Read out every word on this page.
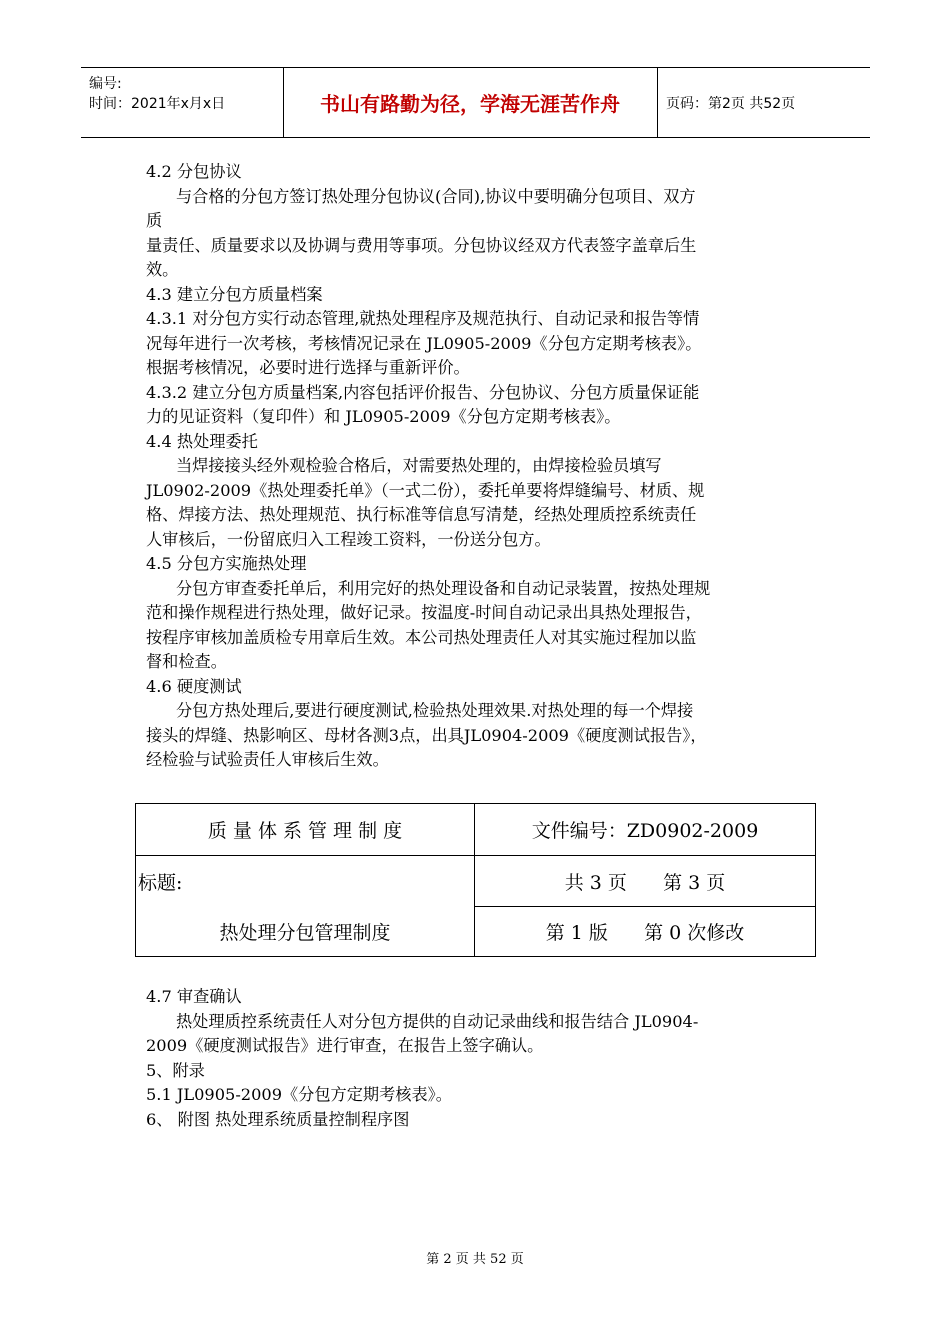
编号:
时间：2021年x月x日	书山有路勤为径，学海无涯苦作舟	页码：第2页 共52页

4.2 分包协议

与合格的分包方签订热处理分包协议(合同),协议中要明确分包项目、双方

质

量责任、质量要求以及协调与费用等事项。分包协议经双方代表签字盖章后生

效。

4.3 建立分包方质量档案

4.3.1 对分包方实行动态管理,就热处理程序及规范执行、自动记录和报告等情

况每年进行一次考核，考核情况记录在 JL0905-2009《分包方定期考核表》。

根据考核情况，必要时进行选择与重新评价。

4.3.2 建立分包方质量档案,内容包括评价报告、分包协议、分包方质量保证能

力的见证资料（复印件）和 JL0905-2009《分包方定期考核表》。

4.4 热处理委托

当焊接接头经外观检验合格后，对需要热处理的，由焊接检验员填写

JL0902-2009《热处理委托单》（一式二份），委托单要将焊缝编号、材质、规

格、焊接方法、热处理规范、执行标准等信息写清楚，经热处理质控系统责任

人审核后，一份留底归入工程竣工资料，一份送分包方。

4.5 分包方实施热处理

分包方审查委托单后，利用完好的热处理设备和自动记录装置，按热处理规

范和操作规程进行热处理，做好记录。按温度-时间自动记录出具热处理报告，

按程序审核加盖质检专用章后生效。本公司热处理责任人对其实施过程加以监

督和检查。

4.6 硬度测试

分包方热处理后,要进行硬度测试,检验热处理效果.对热处理的每一个焊接

接头的焊缝、热影响区、母材各测3点，出具JL0904-2009《硬度测试报告》，

经检验与试验责任人审核后生效。

质 量 体 系 管 理 制 度	文件编号：ZD0902-2009
标题:	共 3 页      第 3 页
热处理分包管理制度	第 1 版      第 0 次修改

4.7 审查确认

热处理质控系统责任人对分包方提供的自动记录曲线和报告结合 JL0904-

2009《硬度测试报告》进行审查，在报告上签字确认。

5、附录

5.1 JL0905-2009《分包方定期考核表》。

6、 附图 热处理系统质量控制程序图

第 2 页 共 52 页
